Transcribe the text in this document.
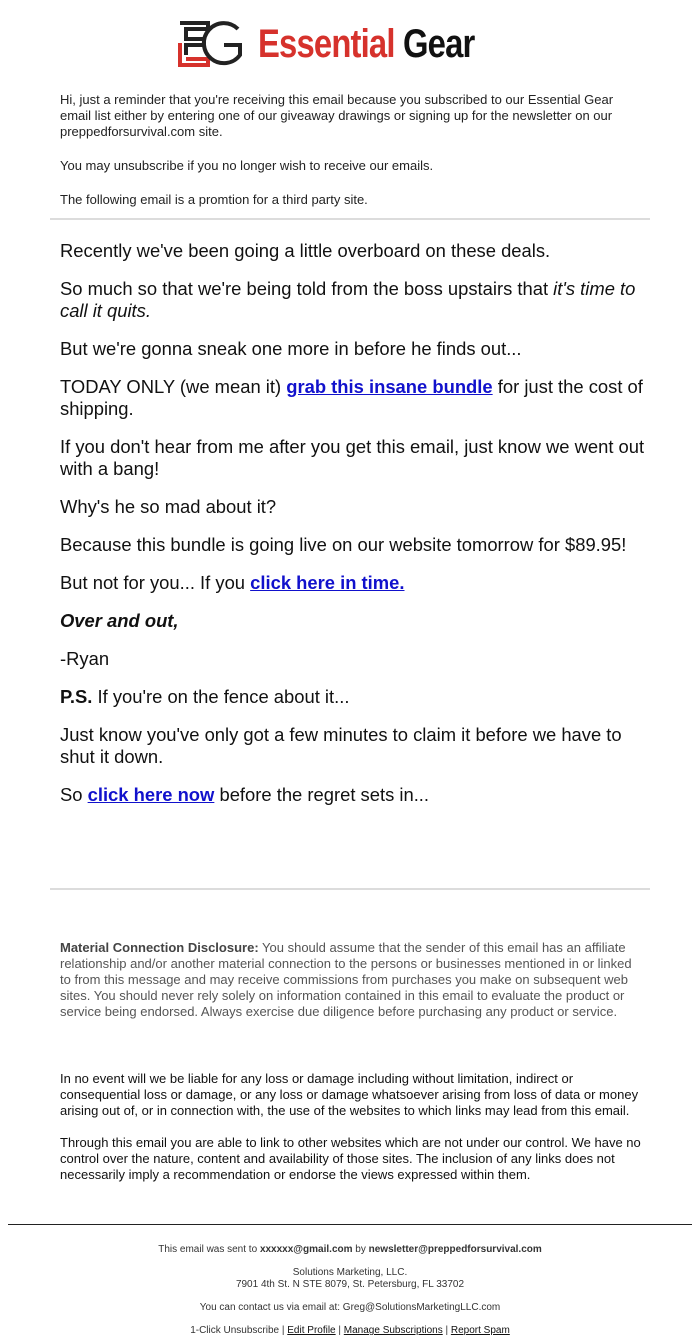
Essential Gear

Hi, just a reminder that you're receiving this email because you subscribed to our Essential Gear email list either by entering one of our giveaway drawings or signing up for the newsletter on our preppedforsurvival.com site.

You may unsubscribe if you no longer wish to receive our emails.

The following email is a promtion for a third party site.

Recently we've been going a little overboard on these deals.

So much so that we're being told from the boss upstairs that it's time to call it quits.

But we're gonna sneak one more in before he finds out...

TODAY ONLY (we mean it) grab this insane bundle for just the cost of shipping.

If you don't hear from me after you get this email, just know we went out with a bang!

Why's he so mad about it?

Because this bundle is going live on our website tomorrow for $89.95!

But not for you... If you click here in time.

Over and out,

-Ryan

P.S. If you're on the fence about it...

Just know you've only got a few minutes to claim it before we have to shut it down.

So click here now before the regret sets in...

Material Connection Disclosure: You should assume that the sender of this email has an affiliate relationship and/or another material connection to the persons or businesses mentioned in or linked to from this message and may receive commissions from purchases you make on subsequent web sites. You should never rely solely on information contained in this email to evaluate the product or service being endorsed. Always exercise due diligence before purchasing any product or service.

In no event will we be liable for any loss or damage including without limitation, indirect or consequential loss or damage, or any loss or damage whatsoever arising from loss of data or money arising out of, or in connection with, the use of the websites to which links may lead from this email.

Through this email you are able to link to other websites which are not under our control. We have no control over the nature, content and availability of those sites. The inclusion of any links does not necessarily imply a recommendation or endorse the views expressed within them.

This email was sent to xxxxxx@gmail.com by newsletter@preppedforsurvival.com
Solutions Marketing, LLC.
7901 4th St. N STE 8079, St. Petersburg, FL 33702
You can contact us via email at: Greg@SolutionsMarketingLLC.com
1-Click Unsubscribe | Edit Profile | Manage Subscriptions | Report Spam
